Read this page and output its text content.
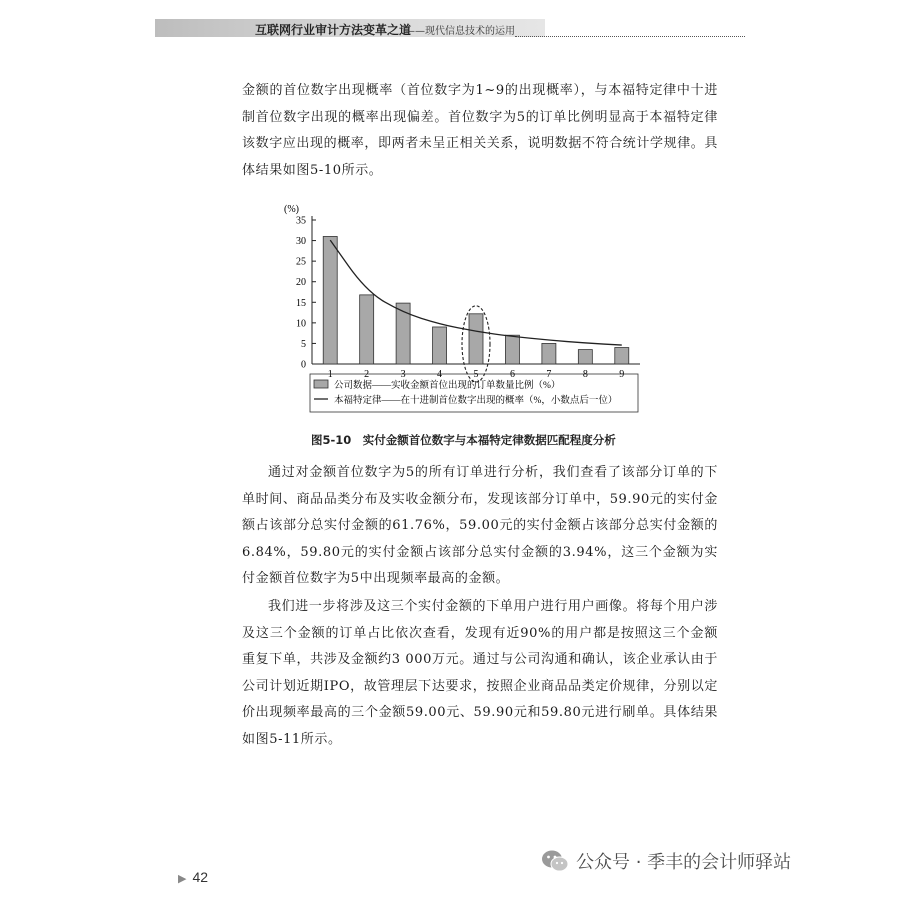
互联网行业审计方法变革之道
——现代信息技术的运用

金额的首位数字出现概率（首位数字为1~9的出现概率），与本福特定律中十进制首位数字出现的概率出现偏差。首位数字为5的订单比例明显高于本福特定律该数字应出现的概率，即两者未呈正相关关系，说明数据不符合统计学规律。具体结果如图5-10所示。

(%)
0
5
10
15
20
25
30
35
1	2	3	4	5	6	7	8	9
公司数据——实收金额首位出现的订单数量比例（%）
本福特定律——在十进制首位数字出现的概率（%，小数点后一位）
图5-10　实付金额首位数字与本福特定律数据匹配程度分析

通过对金额首位数字为5的所有订单进行分析，我们查看了该部分订单的下单时间、商品品类分布及实收金额分布，发现该部分订单中，59.90元的实付金额占该部分总实付金额的61.76%，59.00元的实付金额占该部分总实付金额的6.84%，59.80元的实付金额占该部分总实付金额的3.94%，这三个金额为实付金额首位数字为5中出现频率最高的金额。

我们进一步将涉及这三个实付金额的下单用户进行用户画像。将每个用户涉及这三个金额的订单占比依次查看，发现有近90%的用户都是按照这三个金额重复下单，共涉及金额约3 000万元。通过与公司沟通和确认，该企业承认由于公司计划近期IPO，故管理层下达要求，按照企业商品品类定价规律，分别以定价出现频率最高的三个金额59.00元、59.90元和59.80元进行刷单。具体结果如图5-11所示。

▶ 42
公众号 · 季丰的会计师驿站
